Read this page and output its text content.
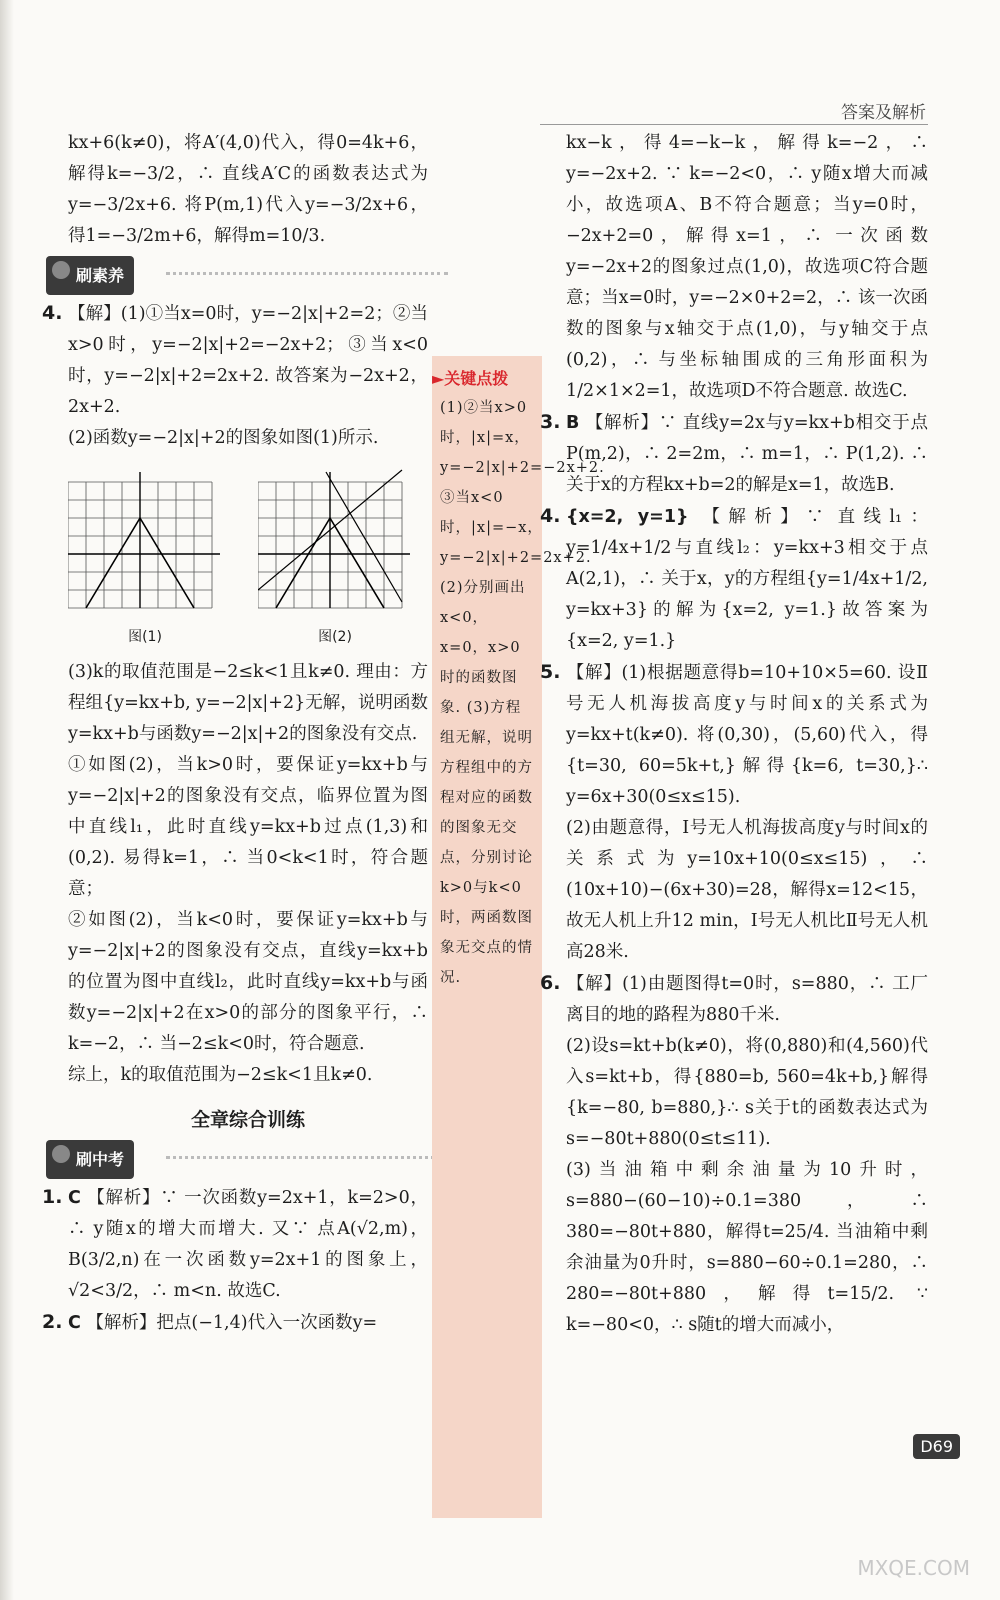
答案及解析

kx+6(k≠0)，将A′(4,0)代入，得0=4k+6，解得k=−3/2，∴ 直线A′C的函数表达式为y=−3/2x+6. 将P(m,1)代入y=−3/2x+6，得1=−3/2m+6，解得m=10/3.

刷素养

4. 【解】(1)①当x=0时，y=−2|x|+2=2；②当x>0时，y=−2|x|+2=−2x+2；③当x<0时，y=−2|x|+2=2x+2. 故答案为−2x+2，2x+2.

(2)函数y=−2|x|+2的图象如图(1)所示.

图(1)	图(2)

(3)k的取值范围是−2≤k<1且k≠0. 理由：方程组{y=kx+b, y=−2|x|+2}无解，说明函数y=kx+b与函数y=−2|x|+2的图象没有交点.

①如图(2)，当k>0时，要保证y=kx+b与y=−2|x|+2的图象没有交点，临界位置为图中直线l₁，此时直线y=kx+b过点(1,3)和(0,2). 易得k=1，∴ 当0<k<1时，符合题意；

②如图(2)，当k<0时，要保证y=kx+b与y=−2|x|+2的图象没有交点，直线y=kx+b的位置为图中直线l₂，此时直线y=kx+b与函数y=−2|x|+2在x>0的部分的图象平行，∴ k=−2，∴ 当−2≤k<0时，符合题意.

综上，k的取值范围为−2≤k<1且k≠0.

全章综合训练
刷中考

1. C 【解析】∵ 一次函数y=2x+1，k=2>0，∴ y随x的增大而增大. 又∵ 点A(√2,m)，B(3/2,n)在一次函数y=2x+1的图象上，√2<3/2，∴ m<n. 故选C.

2. C 【解析】把点(−1,4)代入一次函数y=

►关键点拨
(1)②当x>0时，|x|=x，y=−2|x|+2=−2x+2. ③当x<0时，|x|=−x，y=−2|x|+2=2x+2. (2)分别画出x<0，x=0，x>0时的函数图象. (3)方程组无解，说明方程组中的方程对应的函数的图象无交点，分别讨论k>0与k<0时，两函数图象无交点的情况.

kx−k，得4=−k−k，解得k=−2，∴ y=−2x+2. ∵ k=−2<0，∴ y随x增大而减小，故选项A、B不符合题意；当y=0时，−2x+2=0，解得x=1，∴ 一次函数y=−2x+2的图象过点(1,0)，故选项C符合题意；当x=0时，y=−2×0+2=2，∴ 该一次函数的图象与x轴交于点(1,0)，与y轴交于点(0,2)，∴ 与坐标轴围成的三角形面积为1/2×1×2=1，故选项D不符合题意. 故选C.

3. B 【解析】∵ 直线y=2x与y=kx+b相交于点P(m,2)，∴ 2=2m，∴ m=1，∴ P(1,2). ∴ 关于x的方程kx+b=2的解是x=1，故选B.

4. {x=2, y=1} 【解析】∵ 直线l₁：y=1/4x+1/2与直线l₂：y=kx+3相交于点A(2,1)，∴ 关于x，y的方程组{y=1/4x+1/2, y=kx+3}的解为{x=2, y=1.}故答案为{x=2, y=1.}

5. 【解】(1)根据题意得b=10+10×5=60. 设Ⅱ号无人机海拔高度y与时间x的关系式为y=kx+t(k≠0). 将(0,30)，(5,60)代入，得{t=30, 60=5k+t,}解得{k=6, t=30,}∴ y=6x+30(0≤x≤15).

(2)由题意得，Ⅰ号无人机海拔高度y与时间x的关系式为y=10x+10(0≤x≤15)，∴ (10x+10)−(6x+30)=28，解得x=12<15，故无人机上升12 min，Ⅰ号无人机比Ⅱ号无人机高28米.

6. 【解】(1)由题图得t=0时，s=880，∴ 工厂离目的地的路程为880千米.

(2)设s=kt+b(k≠0)，将(0,880)和(4,560)代入s=kt+b，得{880=b, 560=4k+b,}解得{k=−80, b=880,}∴ s关于t的函数表达式为s=−80t+880(0≤t≤11).

(3)当油箱中剩余油量为10升时，s=880−(60−10)÷0.1=380，∴ 380=−80t+880，解得t=25/4. 当油箱中剩余油量为0升时，s=880−60÷0.1=280，∴ 280=−80t+880，解得t=15/2. ∵ k=−80<0，∴ s随t的增大而减小，

D69
MXQE.COM
